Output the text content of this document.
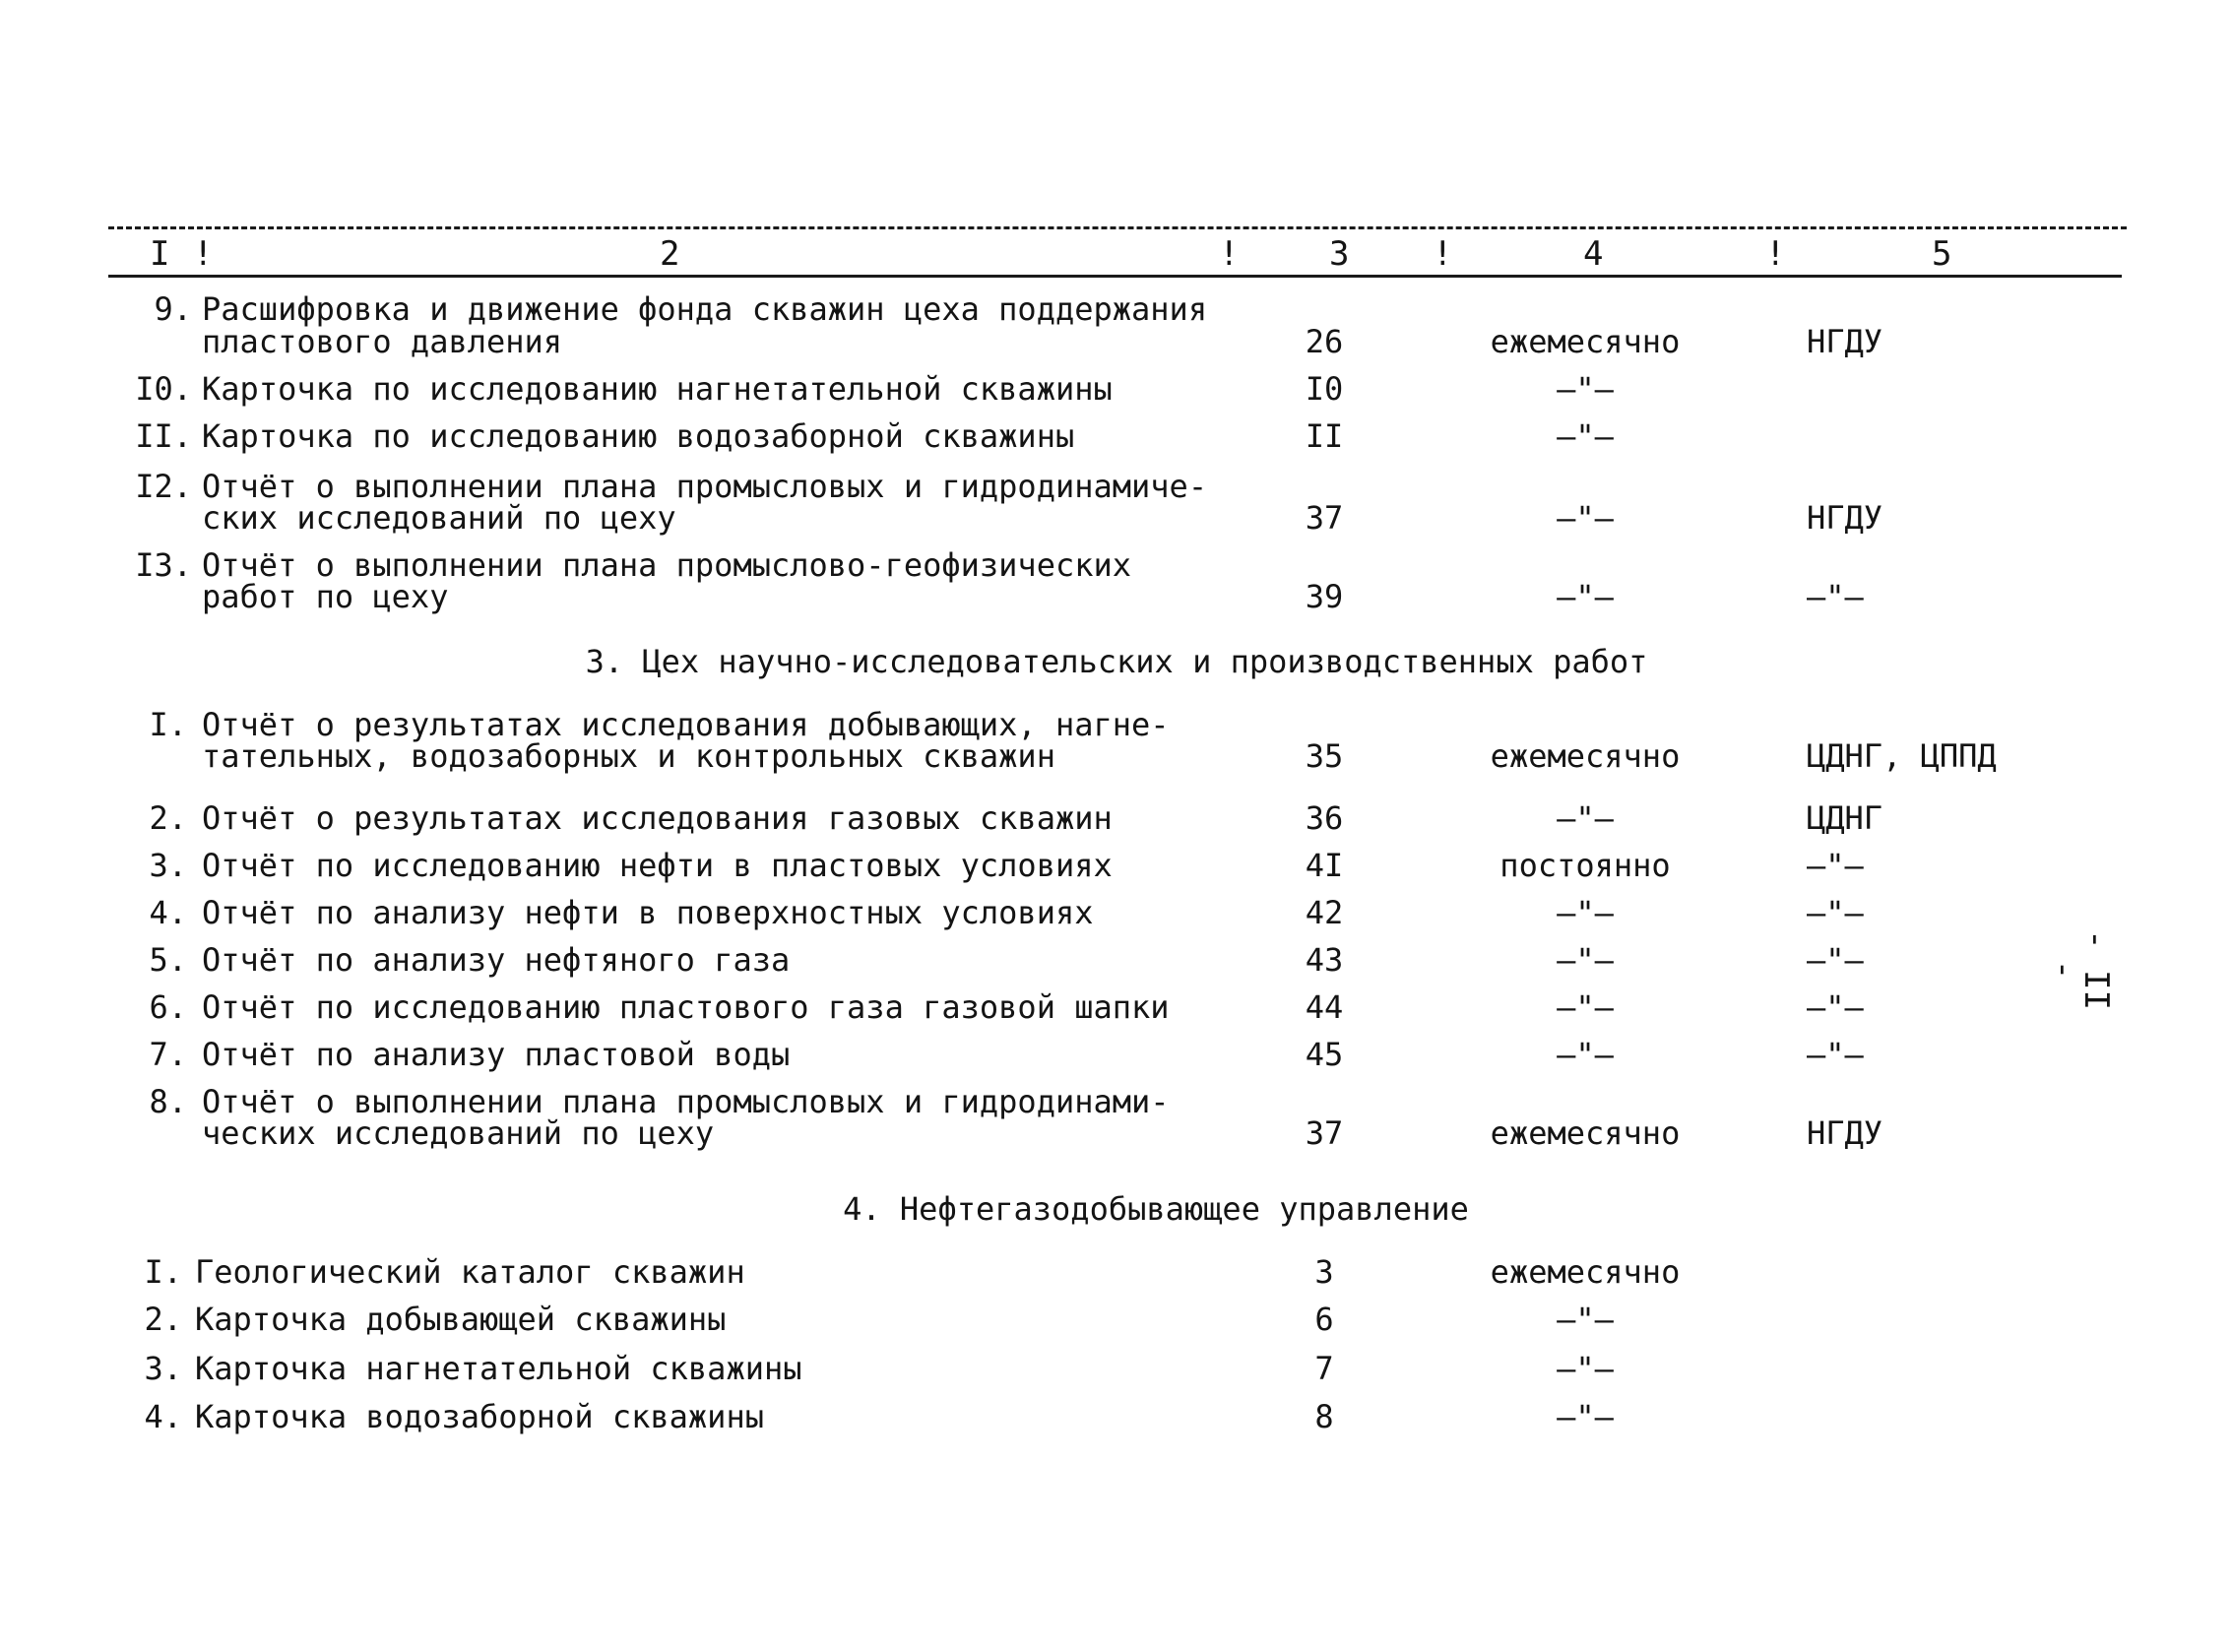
I !	2	!	3 !	4	!	5
9. Расшифровка и движение фонда скважин цеха поддержания
пластового давления	26	ежемесячно	НГДУ
I0. Карточка по исследованию нагнетательной скважины	I0	–"–
II. Карточка по исследованию водозаборной скважины	II	–"–
I2. Отчёт о выполнении плана промысловых и гидродинамиче-
ских исследований по цеху	37	–"–	НГДУ
I3. Отчёт о выполнении плана промыслово-геофизических
работ по цеху	39	–"–	–"–
3. Цех научно-исследовательских и производственных работ
I. Отчёт о результатах исследования добывающих, нагне-
тательных, водозаборных и контрольных скважин	35	ежемесячно	ЦДНГ, ЦППД
2. Отчёт о результатах исследования газовых скважин	36	–"–	ЦДНГ
3. Отчёт по исследованию нефти в пластовых условиях	4I	постоянно	–"–
4. Отчёт по анализу нефти в поверхностных условиях	42	–"–	–"–
5. Отчёт по анализу нефтяного газа	43	–"–	–"–
6. Отчёт по исследованию пластового газа газовой шапки	44	–"–	–"–
7. Отчёт по анализу пластовой воды	45	–"–	–"–
8. Отчёт о выполнении плана промысловых и гидродинами-
ческих исследований по цеху	37	ежемесячно	НГДУ
4. Нефтегазодобывающее управление
I. Геологический каталог скважин	3	ежемесячно
2. Карточка добывающей скважины	6	–"–
3. Карточка нагнетательной скважины	7	–"–
4. Карточка водозаборной скважины	8	–"–
- II -
